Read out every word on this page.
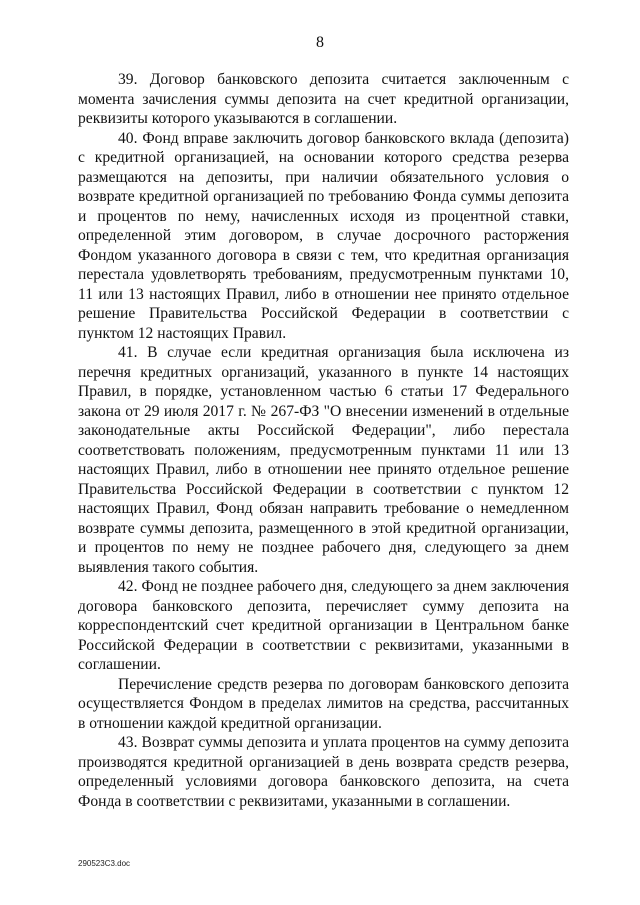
8

39. Договор банковского депозита считается заключенным с момента зачисления суммы депозита на счет кредитной организации, реквизиты которого указываются в соглашении.

40. Фонд вправе заключить договор банковского вклада (депозита) с кредитной организацией, на основании которого средства резерва размещаются на депозиты, при наличии обязательного условия о возврате кредитной организацией по требованию Фонда суммы депозита и процентов по нему, начисленных исходя из процентной ставки, определенной этим договором, в случае досрочного расторжения Фондом указанного договора в связи с тем, что кредитная организация перестала удовлетворять требованиям, предусмотренным пунктами 10, 11 или 13 настоящих Правил, либо в отношении нее принято отдельное решение Правительства Российской Федерации в соответствии с пунктом 12 настоящих Правил.

41. В случае если кредитная организация была исключена из перечня кредитных организаций, указанного в пункте 14 настоящих Правил, в порядке, установленном частью 6 статьи 17 Федерального закона от 29 июля 2017 г. № 267-ФЗ "О внесении изменений в отдельные законодательные акты Российской Федерации", либо перестала соответствовать положениям, предусмотренным пунктами 11 или 13 настоящих Правил, либо в отношении нее принято отдельное решение Правительства Российской Федерации в соответствии с пунктом 12 настоящих Правил, Фонд обязан направить требование о немедленном возврате суммы депозита, размещенного в этой кредитной организации, и процентов по нему не позднее рабочего дня, следующего за днем выявления такого события.

42. Фонд не позднее рабочего дня, следующего за днем заключения договора банковского депозита, перечисляет сумму депозита на корреспондентский счет кредитной организации в Центральном банке Российской Федерации в соответствии с реквизитами, указанными в соглашении.

Перечисление средств резерва по договорам банковского депозита осуществляется Фондом в пределах лимитов на средства, рассчитанных в отношении каждой кредитной организации.

43. Возврат суммы депозита и уплата процентов на сумму депозита производятся кредитной организацией в день возврата средств резерва, определенный условиями договора банковского депозита, на счета Фонда в соответствии с реквизитами, указанными в соглашении.

290523C3.doc
